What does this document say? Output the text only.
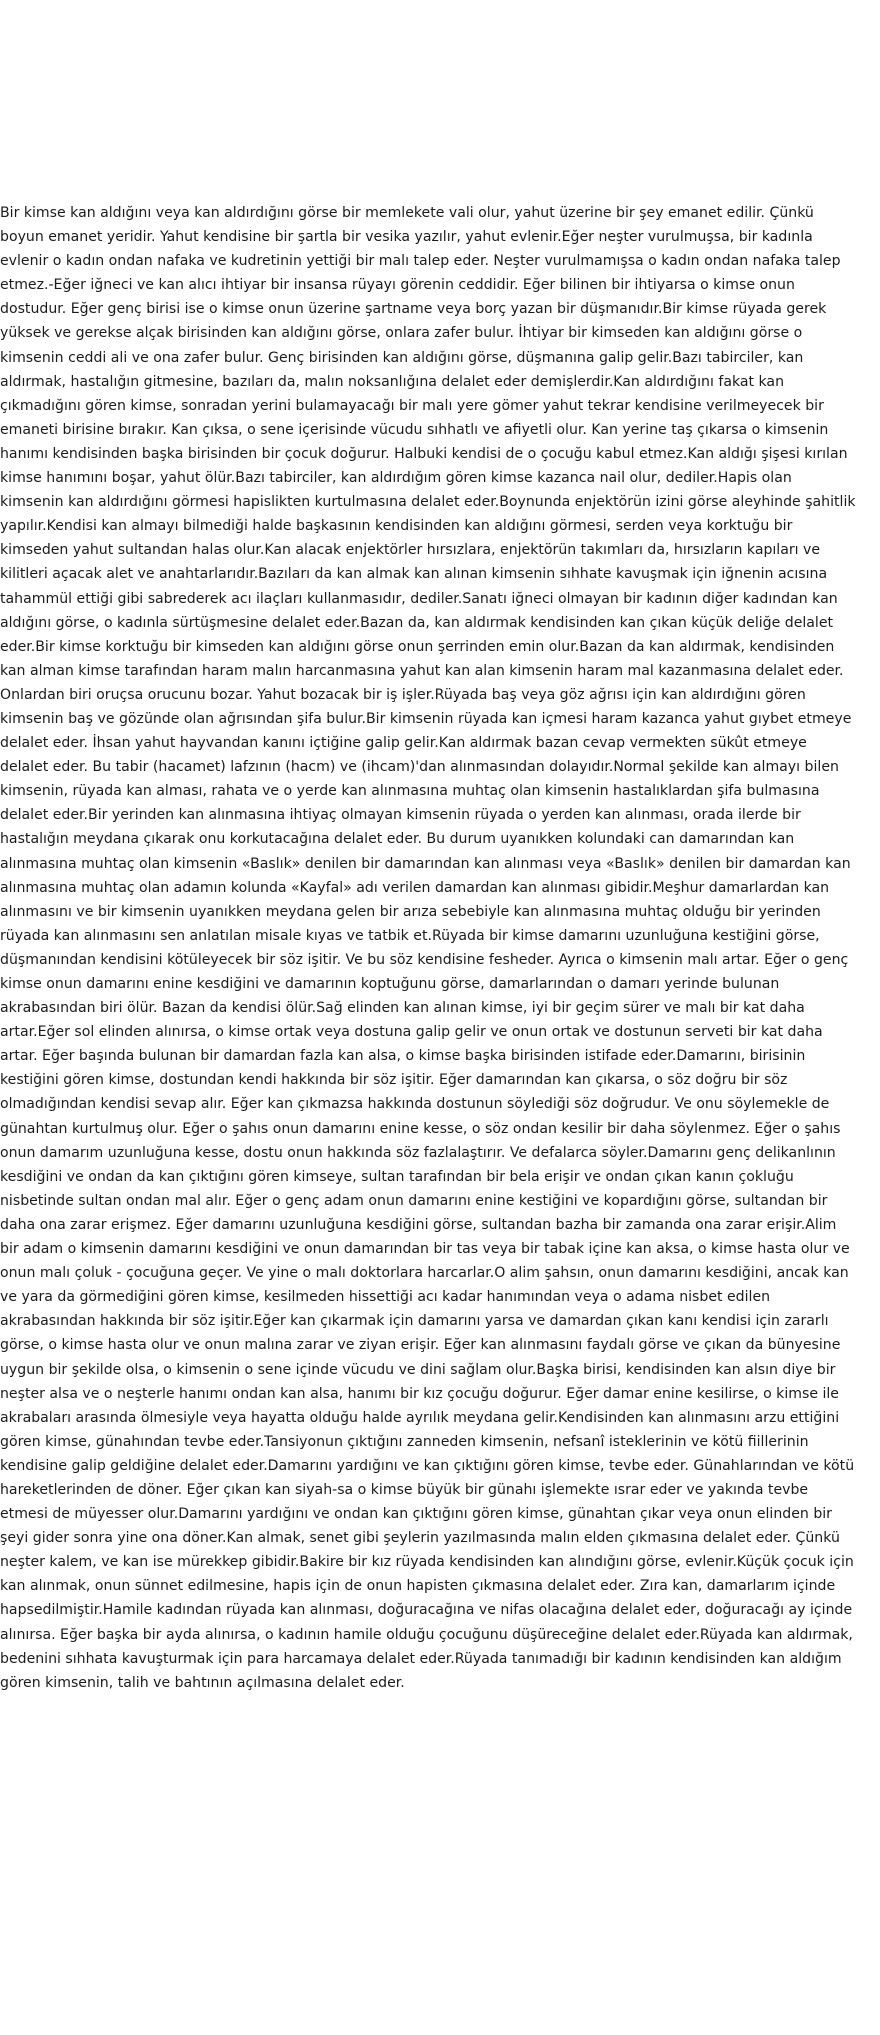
Bir kimse kan aldığını veya kan aldırdığını görse bir memlekete vali olur, yahut üzerine bir şey emanet edilir. Çünkü boyun emanet yeridir. Yahut kendisine bir şartla bir vesika yazılır, yahut evlenir.Eğer neşter vurulmuşsa, bir kadınla evlenir o kadın ondan nafaka ve kudretinin yettiği bir malı talep eder. Neşter vurulmamışsa o kadın ondan nafaka talep etmez.-Eğer iğneci ve kan alıcı ihtiyar bir insansa rüyayı görenin ceddidir. Eğer bilinen bir ihtiyarsa o kimse onun dostudur. Eğer genç birisi ise o kimse onun üzerine şartname veya borç yazan bir düşmanıdır.Bir kimse rüyada gerek yüksek ve gerekse alçak birisinden kan aldığını görse, onlara zafer bulur. İhtiyar bir kimseden kan aldığını görse o kimsenin ceddi ali ve ona zafer bulur. Genç birisinden kan aldığını görse, düşmanına galip gelir.Bazı tabirciler, kan aldırmak, hastalığın gitmesine, bazıları da, malın noksanlığına delalet eder demişlerdir.Kan aldırdığını fakat kan çıkmadığını gören kimse, sonradan yerini bulamayacağı bir malı yere gömer yahut tekrar kendisine verilmeyecek bir emaneti birisine bırakır. Kan çıksa, o sene içerisinde vücudu sıhhatlı ve afiyetli olur. Kan yerine taş çıkarsa o kimsenin hanımı kendisinden başka birisinden bir çocuk doğurur. Halbuki kendisi de o çocuğu kabul etmez.Kan aldığı şişesi kırılan kimse hanımını boşar, yahut ölür.Bazı tabirciler, kan aldırdığım gören kimse kazanca nail olur, dediler.Hapis olan kimsenin kan aldırdığını görmesi hapislikten kurtulmasına delalet eder.Boynunda enjektörün izini görse aleyhinde şahitlik yapılır.Kendisi kan almayı bilmediği halde başkasının kendisinden kan aldığını görmesi, serden veya korktuğu bir kimseden yahut sultandan halas olur.Kan alacak enjektörler hırsızlara, enjektörün takımları da, hırsızların kapıları ve kilitleri açacak alet ve anahtarlarıdır.Bazıları da kan almak kan alınan kimsenin sıhhate kavuşmak için iğnenin acısına tahammül ettiği gibi sabrederek acı ilaçları kullanmasıdır, dediler.Sanatı iğneci olmayan bir kadının diğer kadından kan aldığını görse, o kadınla sürtüşmesine delalet eder.Bazan da, kan aldırmak kendisinden kan çıkan küçük deliğe delalet eder.Bir kimse korktuğu bir kimseden kan aldığını görse onun şerrinden emin olur.Bazan da kan aldırmak, kendisinden kan alman kimse tarafından haram malın harcanmasına yahut kan alan kimsenin haram mal kazanmasına delalet eder. Onlardan biri oruçsa orucunu bozar. Yahut bozacak bir iş işler.Rüyada baş veya göz ağrısı için kan aldırdığını gören kimsenin baş ve gözünde olan ağrısından şifa bulur.Bir kimsenin rüyada kan içmesi haram kazanca yahut gıybet etmeye delalet eder. İhsan yahut hayvandan kanını içtiğine galip gelir.Kan aldırmak bazan cevap vermekten sükût etmeye delalet eder. Bu tabir (hacamet) lafzının (hacm) ve (ihcam)'dan alınmasından dolayıdır.Normal şekilde kan almayı bilen kimsenin, rüyada kan alması, rahata ve o yerde kan alınmasına muhtaç olan kimsenin hastalıklardan şifa bulmasına delalet eder.Bir yerinden kan alınmasına ihtiyaç olmayan kimsenin rüyada o yerden kan alınması, orada ilerde bir hastalığın meydana çıkarak onu korkutacağına delalet eder. Bu durum uyanıkken kolundaki can damarından kan alınmasına muhtaç olan kimsenin «Baslık» denilen bir damarından kan alınması veya «Baslık» denilen bir damardan kan alınmasına muhtaç olan adamın kolunda «Kayfal» adı verilen damardan kan alınması gibidir.Meşhur damarlardan kan alınmasını ve bir kimsenin uyanıkken meydana gelen bir arıza sebebiyle kan alınmasına muhtaç olduğu bir yerinden rüyada kan alınmasını sen anlatılan misale kıyas ve tatbik et.Rüyada bir kimse damarını uzunluğuna kestiğini görse, düşmanından kendisini kötüleyecek bir söz işitir. Ve bu söz kendisine fesheder. Ayrıca o kimsenin malı artar. Eğer o genç kimse onun damarını enine kesdiğini ve damarının koptuğunu görse, damarlarından o damarı yerinde bulunan akrabasından biri ölür. Bazan da kendisi ölür.Sağ elinden kan alınan kimse, iyi bir geçim sürer ve malı bir kat daha artar.Eğer sol elinden alınırsa, o kimse ortak veya dostuna galip gelir ve onun ortak ve dostunun serveti bir kat daha artar. Eğer başında bulunan bir damardan fazla kan alsa, o kimse başka birisinden istifade eder.Damarını, birisinin kestiğini gören kimse, dostundan kendi hakkında bir söz işitir. Eğer damarından kan çıkarsa, o söz doğru bir söz olmadığından kendisi sevap alır. Eğer kan çıkmazsa hakkında dostunun söylediği söz doğrudur. Ve onu söylemekle de günahtan kurtulmuş olur. Eğer o şahıs onun damarını enine kesse, o söz ondan kesilir bir daha söylenmez. Eğer o şahıs onun damarım uzunluğuna kesse, dostu onun hakkında söz fazlalaştırır. Ve defalarca söyler.Damarını genç delikanlının kesdiğini ve ondan da kan çıktığını gören kimseye, sultan tarafından bir bela erişir ve ondan çıkan kanın çokluğu nisbetinde sultan ondan mal alır. Eğer o genç adam onun damarını enine kestiğini ve kopardığını görse, sultandan bir daha ona zarar erişmez. Eğer damarını uzunluğuna kesdiğini görse, sultandan bazha bir zamanda ona zarar erişir.Alim bir adam o kimsenin damarını kesdiğini ve onun damarından bir tas veya bir tabak içine kan aksa, o kimse hasta olur ve onun malı çoluk - çocuğuna geçer. Ve yine o malı doktorlara harcarlar.O alim şahsın, onun damarını kesdiğini, ancak kan ve yara da görmediğini gören kimse, kesilmeden hissettiği acı kadar hanımından veya o adama nisbet edilen akrabasından hakkında bir söz işitir.Eğer kan çıkarmak için damarını yarsa ve damardan çıkan kanı kendisi için zararlı görse, o kimse hasta olur ve onun malına zarar ve ziyan erişir. Eğer kan alınmasını faydalı görse ve çıkan da bünyesine uygun bir şekilde olsa, o kimsenin o sene içinde vücudu ve dini sağlam olur.Başka birisi, kendisinden kan alsın diye bir neşter alsa ve o neşterle hanımı ondan kan alsa, hanımı bir kız çocuğu doğurur. Eğer damar enine kesilirse, o kimse ile akrabaları arasında ölmesiyle veya hayatta olduğu halde ayrılık meydana gelir.Kendisinden kan alınmasını arzu ettiğini gören kimse, günahından tevbe eder.Tansiyonun çıktığını zanneden kimsenin, nefsanî isteklerinin ve kötü fiillerinin kendisine galip geldiğine delalet eder.Damarını yardığını ve kan çıktığını gören kimse, tevbe eder. Günahlarından ve kötü hareketlerinden de döner. Eğer çıkan kan siyah-sa o kimse büyük bir günahı işlemekte ısrar eder ve yakında tevbe etmesi de müyesser olur.Damarını yardığını ve ondan kan çıktığını gören kimse, günahtan çıkar veya onun elinden bir şeyi gider sonra yine ona döner.Kan almak, senet gibi şeylerin yazılmasında malın elden çıkmasına delalet eder. Çünkü neşter kalem, ve kan ise mürekkep gibidir.Bakire bir kız rüyada kendisinden kan alındığını görse, evlenir.Küçük çocuk için kan alınmak, onun sünnet edilmesine, hapis için de onun hapisten çıkmasına delalet eder. Zıra kan, damarlarım içinde hapsedilmiştir.Hamile kadından rüyada kan alınması, doğuracağına ve nifas olacağına delalet eder, doğuracağı ay içinde alınırsa. Eğer başka bir ayda alınırsa, o kadının hamile olduğu çocuğunu düşüreceğine delalet eder.Rüyada kan aldırmak, bedenini sıhhata kavuşturmak için para harcamaya delalet eder.Rüyada tanımadığı bir kadının kendisinden kan aldığım gören kimsenin, talih ve bahtının açılmasına delalet eder.
